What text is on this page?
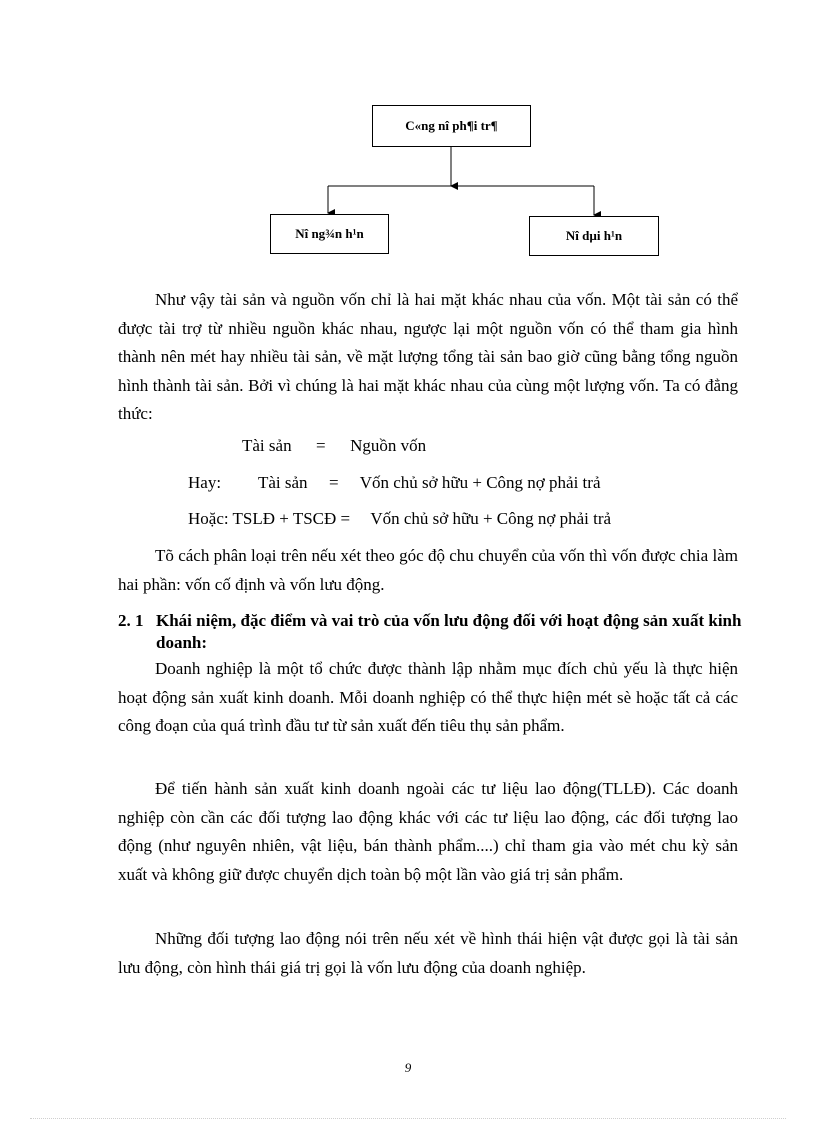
C«ng nî ph¶i tr¶
Nî ng¾n h¹n	Nî dµi h¹n

Như vậy tài sản và nguồn vốn chỉ là hai mặt khác nhau của vốn. Một tài sản có thể được tài trợ từ nhiều nguồn khác nhau, ngược lại một nguồn vốn có thể tham gia hình thành nên mét hay nhiều tài sản, về mặt lượng tổng tài sản bao giờ cũng bằng tổng nguồn hình thành tài sản. Bởi vì chúng là hai mặt khác nhau của cùng một lượng vốn. Ta có đẳng thức:

Tài sản = Nguồn vốn
Hay: Tài sản = Vốn chủ sở hữu + Công nợ phải trả
Hoặc: TSLĐ + TSCĐ = Vốn chủ sở hữu + Công nợ phải trả

Tõ cách phân loại trên nếu xét theo góc độ chu chuyển của vốn thì vốn được chia làm hai phần: vốn cố định và vốn lưu động.

2. 1 Khái niệm, đặc điểm và vai trò của vốn lưu động đối với hoạt động sản xuất kinh doanh:

Doanh nghiệp là một tổ chức được thành lập nhằm mục đích chủ yếu là thực hiện hoạt động sản xuất kinh doanh. Mỗi doanh nghiệp có thể thực hiện mét sè hoặc tất cả các công đoạn của quá trình đầu tư từ sản xuất đến tiêu thụ sản phẩm.

Để tiến hành sản xuất kinh doanh ngoài các tư liệu lao động(TLLĐ). Các doanh nghiệp còn cần các đối tượng lao động khác với các tư liệu lao động, các đối tượng lao động (như nguyên nhiên, vật liệu, bán thành phẩm....) chỉ tham gia vào mét chu kỳ sản xuất và không giữ được chuyển dịch toàn bộ một lần vào giá trị sản phẩm.

Những đối tượng lao động nói trên nếu xét về hình thái hiện vật được gọi là tài sản lưu động, còn hình thái giá trị gọi là vốn lưu động của doanh nghiệp.

9
